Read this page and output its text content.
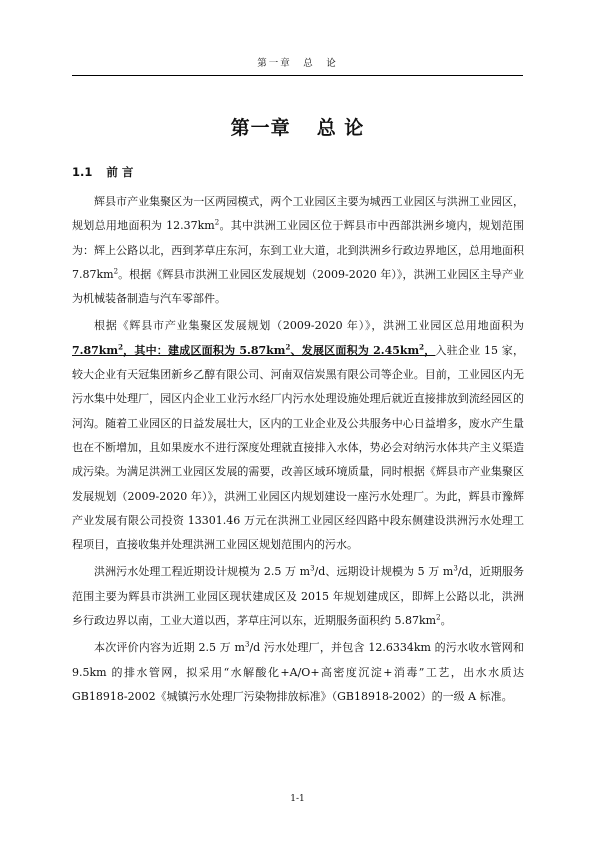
第一章　总　论
第一章 总 论
1.1 前 言

辉县市产业集聚区为一区两园模式，两个工业园区主要为城西工业园区与洪洲工业园区，规划总用地面积为 $12.37km^2$。其中洪洲工业园区位于辉县市中西部洪洲乡境内，规划范围为：辉上公路以北，西到茅草庄东河，东到工业大道，北到洪洲乡行政边界地区，总用地面积 $7.87km^2$。根据《辉县市洪洲工业园区发展规划（2009-2020 年）》，洪洲工业园区主导产业为机械装备制造与汽车零部件。

根据《辉县市产业集聚区发展规划（2009-2020 年）》，洪洲工业园区总用地面积为$7.87km^2$，其中：建成区面积为 $5.87km^2$、发展区面积为 $2.45km^2$，入驻企业 15 家，较大企业有天冠集团新乡乙醇有限公司、河南双信炭黑有限公司等企业。目前，工业园区内无污水集中处理厂，园区内企业工业污水经厂内污水处理设施处理后就近直接排放到流经园区的河沟。随着工业园区的日益发展壮大，区内的工业企业及公共服务中心日益增多，废水产生量也在不断增加，且如果废水不进行深度处理就直接排入水体，势必会对纳污水体共产主义渠造成污染。为满足洪洲工业园区发展的需要，改善区域环境质量，同时根据《辉县市产业集聚区发展规划（2009-2020 年）》，洪洲工业园区内规划建设一座污水处理厂。为此，辉县市豫辉产业发展有限公司投资 13301.46 万元在洪洲工业园区经四路中段东侧建设洪洲污水处理工程项目，直接收集并处理洪洲工业园区规划范围内的污水。

洪洲污水处理工程近期设计规模为 2.5 万 $m^3/d$、远期设计规模为 5 万 $m^3/d$，近期服务范围主要为辉县市洪洲工业园区现状建成区及 2015 年规划建成区，即辉上公路以北，洪洲乡行政边界以南，工业大道以西，茅草庄河以东，近期服务面积约 $5.87km^2$。

本次评价内容为近期 2.5 万 $m^3/d$ 污水处理厂，并包含 12.6334km 的污水收水管网和 9.5km 的排水管网，拟采用“水解酸化+A/O+高密度沉淀+消毒”工艺，出水水质达 GB18918-2002《城镇污水处理厂污染物排放标准》（GB18918-2002）的一级 A 标准。

1-1
